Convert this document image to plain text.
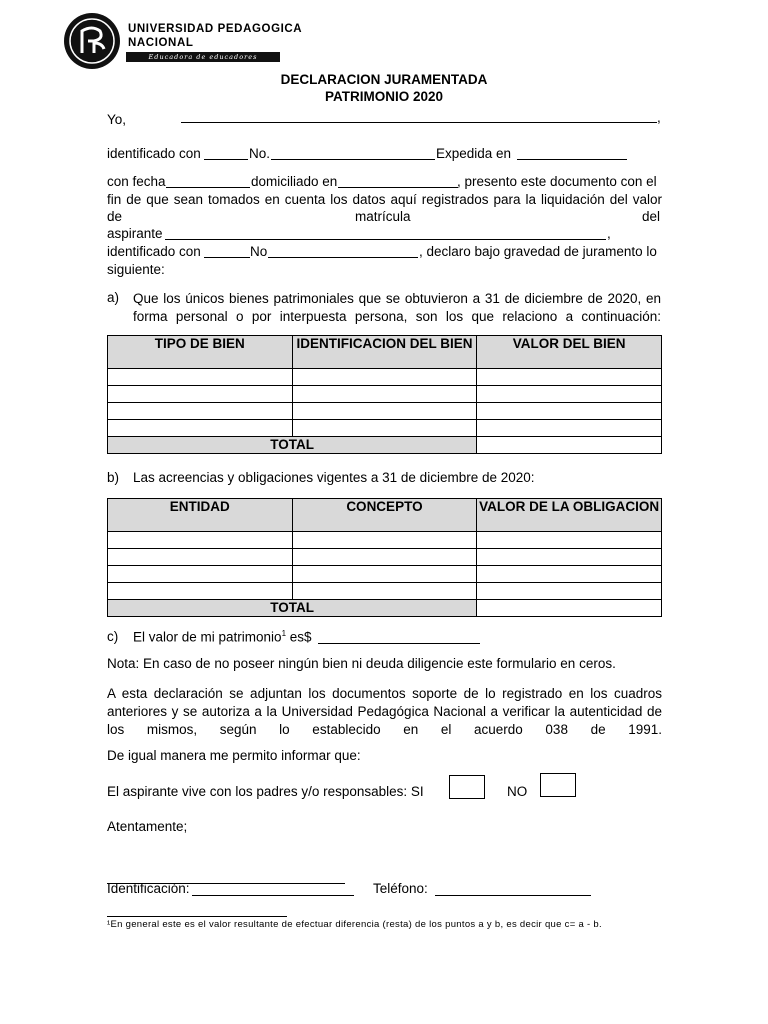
UNIVERSIDAD PEDAGOGICA
NACIONAL
Educadora de educadores
DECLARACION JURAMENTADA
PATRIMONIO 2020
Yo,	,
identificado con	No.	Expedida en
con fecha	domiciliado en	, presento este documento con el
fin de que sean tomados en cuenta los datos aquí registrados para la liquidación del valor
de	matrícula	del
aspirante	,
identificado con	No	, declaro bajo gravedad de juramento lo
siguiente:
a) Que los únicos bienes patrimoniales que se obtuvieron a 31 de diciembre de 2020, en forma personal o por interpuesta persona, son los que relaciono a continuación:
TIPO DE BIEN	IDENTIFICACION DEL BIEN	VALOR DEL BIEN

TOTAL		
b) Las acreencias y obligaciones vigentes a 31 de diciembre de 2020:
ENTIDAD	CONCEPTO	VALOR DE LA OBLIGACION

TOTAL		
c) El valor de mi patrimonio$^1$ es$
Nota: En caso de no poseer ningún bien ni deuda diligencie este formulario en ceros.
A esta declaración se adjuntan los documentos soporte de lo registrado en los cuadros anteriores y se autoriza a la Universidad Pedagógica Nacional a verificar la autenticidad de los mismos, según lo establecido en el acuerdo 038 de 1991.
De igual manera me permito informar que:
El aspirante vive con los padres y/o responsables: SI	NO
Atentamente;
Identificación:	Teléfono:
¹En general este es el valor resultante de efectuar diferencia (resta) de los puntos a y b, es decir que c= a - b.
